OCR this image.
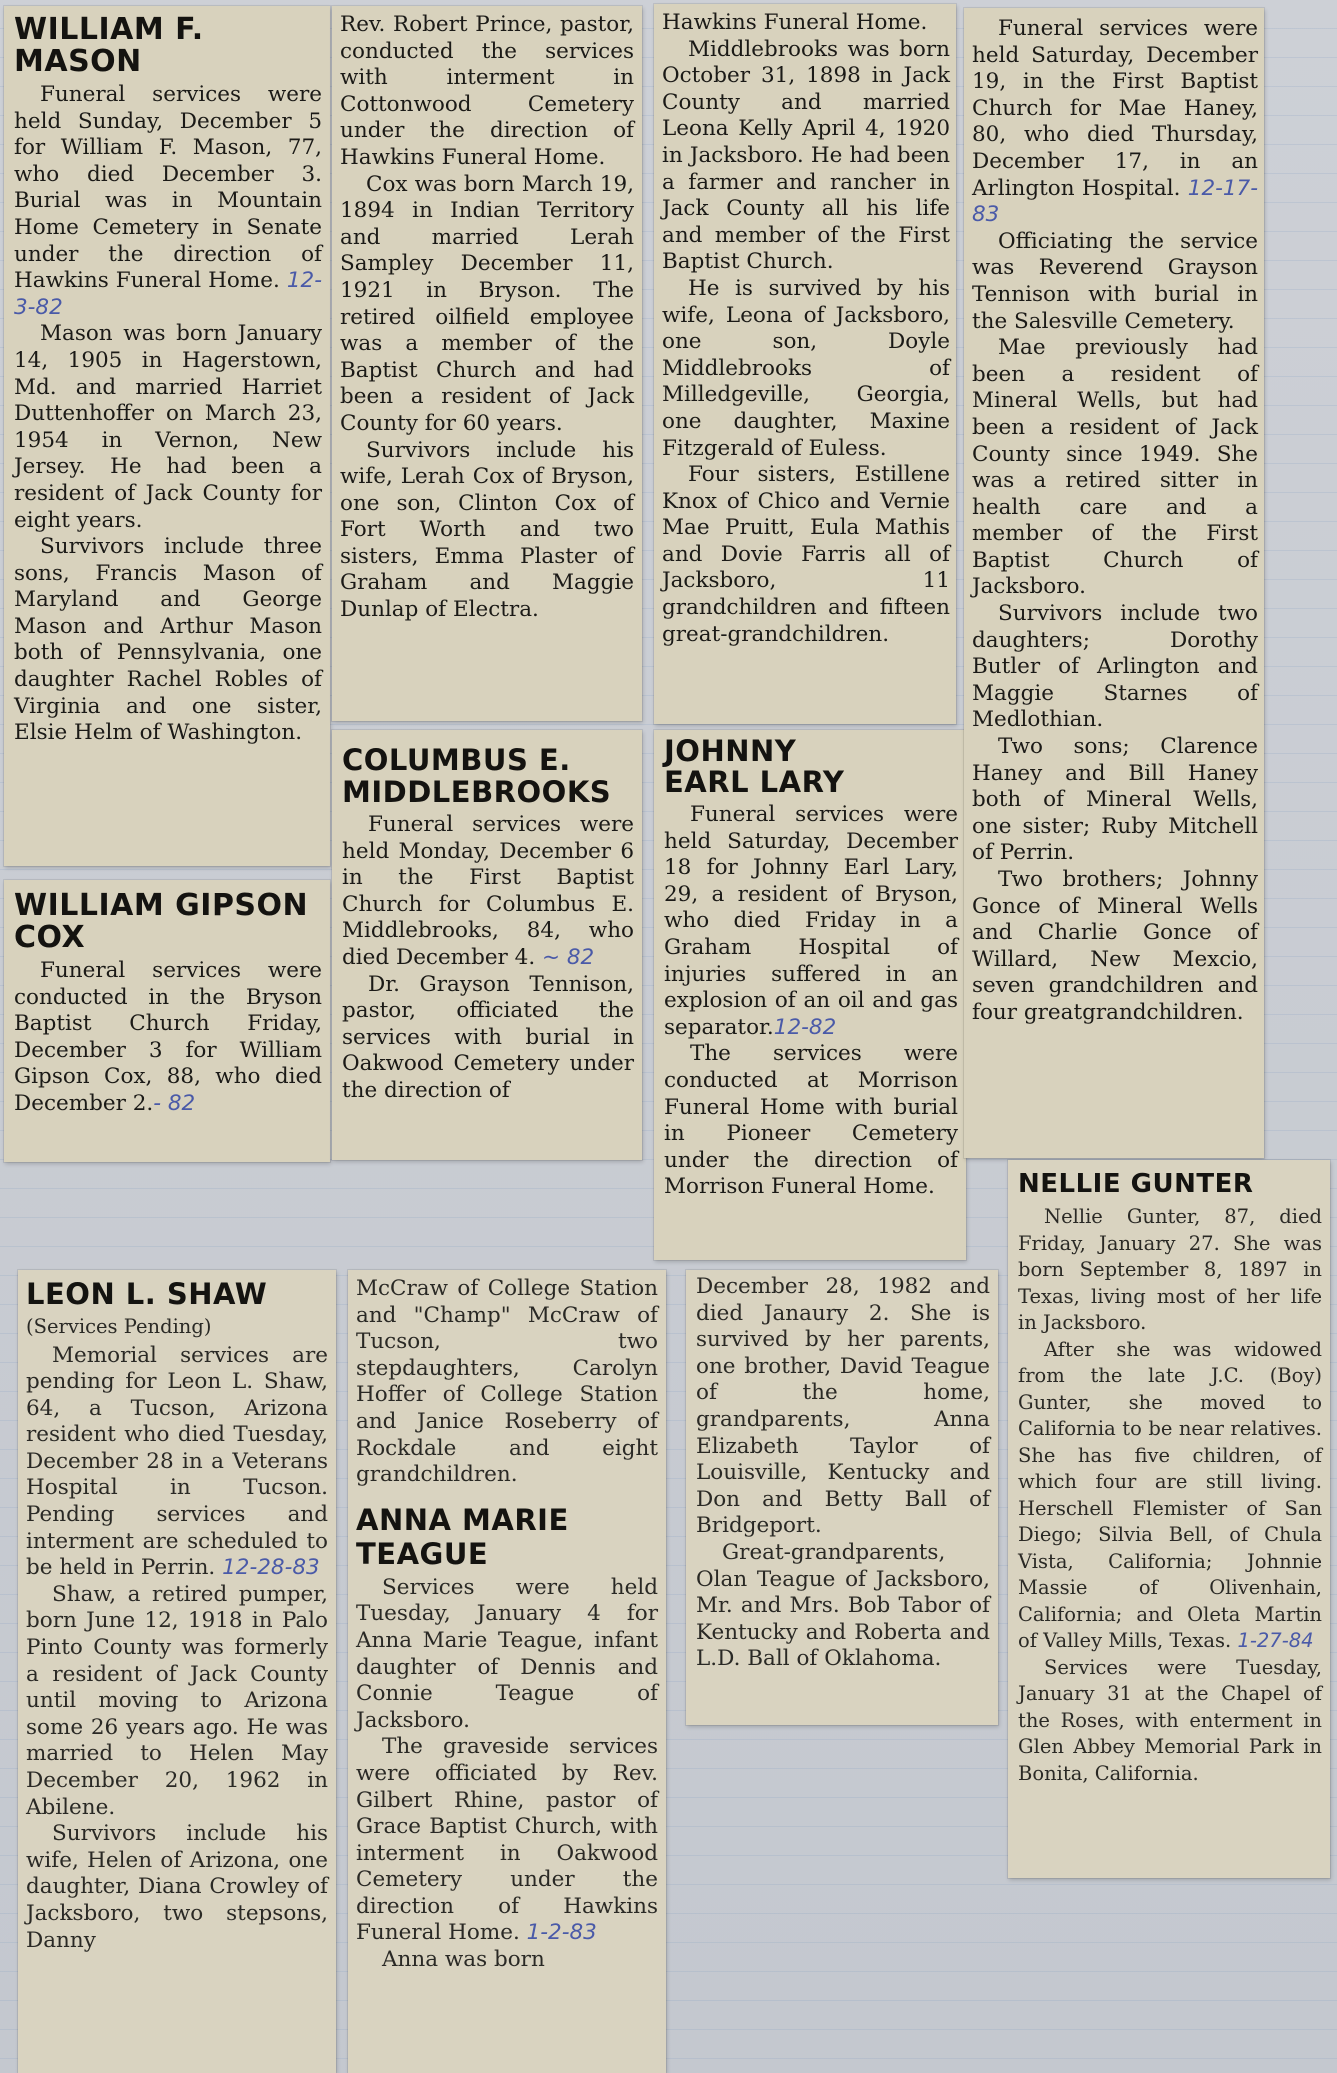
WILLIAM F. MASON

Funeral services were held Sunday, December 5 for William F. Mason, 77, who died December 3. Burial was in Mountain Home Cemetery in Senate under the direction of Hawkins Funeral Home. 12-3-82

Mason was born January 14, 1905 in Hagerstown, Md. and married Harriet Duttenhoffer on March 23, 1954 in Vernon, New Jersey. He had been a resident of Jack County for eight years.

Survivors include three sons, Francis Mason of Maryland and George Mason and Arthur Mason both of Pennsylvania, one daughter Rachel Robles of Virginia and one sister, Elsie Helm of Washington.

WILLIAM GIPSON COX

Funeral services were conducted in the Bryson Baptist Church Friday, December 3 for William Gipson Cox, 88, who died December 2.- 82

Rev. Robert Prince, pastor, conducted the services with interment in Cottonwood Cemetery under the direction of Hawkins Funeral Home.

Cox was born March 19, 1894 in Indian Territory and married Lerah Sampley December 11, 1921 in Bryson. The retired oilfield employee was a member of the Baptist Church and had been a resident of Jack County for 60 years.

Survivors include his wife, Lerah Cox of Bryson, one son, Clinton Cox of Fort Worth and two sisters, Emma Plaster of Graham and Maggie Dunlap of Electra.

COLUMBUS E. MIDDLEBROOKS

Funeral services were held Monday, December 6 in the First Baptist Church for Columbus E. Middlebrooks, 84, who died December 4. ~ 82

Dr. Grayson Tennison, pastor, officiated the services with burial in Oakwood Cemetery under the direction of

Hawkins Funeral Home.

Middlebrooks was born October 31, 1898 in Jack County and married Leona Kelly April 4, 1920 in Jacksboro. He had been a farmer and rancher in Jack County all his life and member of the First Baptist Church.

He is survived by his wife, Leona of Jacksboro, one son, Doyle Middlebrooks of Milledgeville, Georgia, one daughter, Maxine Fitzgerald of Euless.

Four sisters, Estillene Knox of Chico and Vernie Mae Pruitt, Eula Mathis and Dovie Farris all of Jacksboro, 11 grandchildren and fifteen great-grandchildren.

JOHNNY EARL LARY

Funeral services were held Saturday, December 18 for Johnny Earl Lary, 29, a resident of Bryson, who died Friday in a Graham Hospital of injuries suffered in an explosion of an oil and gas separator.12-82

The services were conducted at Morrison Funeral Home with burial in Pioneer Cemetery under the direction of Morrison Funeral Home.

Funeral services were held Saturday, December 19, in the First Baptist Church for Mae Haney, 80, who died Thursday, December 17, in an Arlington Hospital. 12-17-83

Officiating the service was Reverend Grayson Tennison with burial in the Salesville Cemetery.

Mae previously had been a resident of Mineral Wells, but had been a resident of Jack County since 1949. She was a retired sitter in health care and a member of the First Baptist Church of Jacksboro.

Survivors include two daughters; Dorothy Butler of Arlington and Maggie Starnes of Medlothian.

Two sons; Clarence Haney and Bill Haney both of Mineral Wells, one sister; Ruby Mitchell of Perrin.

Two brothers; Johnny Gonce of Mineral Wells and Charlie Gonce of Willard, New Mexcio, seven grandchildren and four greatgrandchildren.

NELLIE GUNTER

Nellie Gunter, 87, died Friday, January 27. She was born September 8, 1897 in Texas, living most of her life in Jacksboro.

After she was widowed from the late J.C. (Boy) Gunter, she moved to California to be near relatives. She has five children, of which four are still living. Herschell Flemister of San Diego; Silvia Bell, of Chula Vista, California; Johnnie Massie of Olivenhain, California; and Oleta Martin of Valley Mills, Texas. 1-27-84

Services were Tuesday, January 31 at the Chapel of the Roses, with enterment in Glen Abbey Memorial Park in Bonita, California.

LEON L. SHAW
(Services Pending)

Memorial services are pending for Leon L. Shaw, 64, a Tucson, Arizona resident who died Tuesday, December 28 in a Veterans Hospital in Tucson. Pending services and interment are scheduled to be held in Perrin. 12-28-83

Shaw, a retired pumper, born June 12, 1918 in Palo Pinto County was formerly a resident of Jack County until moving to Arizona some 26 years ago. He was married to Helen May December 20, 1962 in Abilene.

Survivors include his wife, Helen of Arizona, one daughter, Diana Crowley of Jacksboro, two stepsons, Danny

McCraw of College Station and "Champ" McCraw of Tucson, two stepdaughters, Carolyn Hoffer of College Station and Janice Roseberry of Rockdale and eight grandchildren.

ANNA MARIE TEAGUE

Services were held Tuesday, January 4 for Anna Marie Teague, infant daughter of Dennis and Connie Teague of Jacksboro.

The graveside services were officiated by Rev. Gilbert Rhine, pastor of Grace Baptist Church, with interment in Oakwood Cemetery under the direction of Hawkins Funeral Home. 1-2-83

Anna was born

December 28, 1982 and died Janaury 2. She is survived by her parents, one brother, David Teague of the home, grandparents, Anna Elizabeth Taylor of Louisville, Kentucky and Don and Betty Ball of Bridgeport.

Great-grandparents, Olan Teague of Jacksboro, Mr. and Mrs. Bob Tabor of Kentucky and Roberta and L.D. Ball of Oklahoma.
